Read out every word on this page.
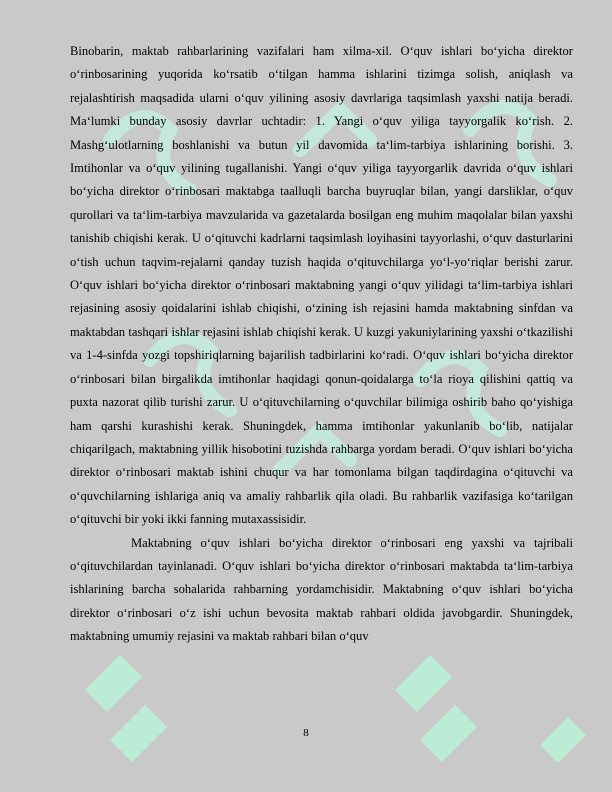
Binobarin, maktab rahbarlarining vazifalari ham xilma-xil. O‘quv ishlari bo‘yicha direktor o‘rinbosarining yuqorida ko‘rsatib o‘tilgan hamma ishlarini tizimga solish, aniqlash va rejalashtirish maqsadida ularni o‘quv yilining asosiy davrlariga taqsimlash yaxshi natija beradi. Ma‘lumki bunday asosiy davrlar uchtadir: 1. Yangi o‘quv yiliga tayyorgalik ko‘rish. 2. Mashg‘ulotlarning boshlanishi va butun yil davomida ta‘lim-tarbiya ishlarining borishi. 3. Imtihonlar va o‘quv yilining tugallanishi. Yangi o‘quv yiliga tayyorgarlik davrida o‘quv ishlari bo‘yicha direktor o‘rinbosari maktabga taalluqli barcha buyruqlar bilan, yangi darsliklar, o‘quv qurollari va ta‘lim-tarbiya mavzularida va gazetalarda bosilgan eng muhim maqolalar bilan yaxshi tanishib chiqishi kerak. U o‘qituvchi kadrlarni taqsimlash loyihasini tayyorlashi, o‘quv dasturlarini o‘tish uchun taqvim-rejalarni qanday tuzish haqida o‘qituvchilarga yo‘l-yo‘riqlar berishi zarur. O‘quv ishlari bo‘yicha direktor o‘rinbosari maktabning yangi o‘quv yilidagi ta‘lim-tarbiya ishlari rejasining asosiy qoidalarini ishlab chiqishi, o‘zining ish rejasini hamda maktabning sinfdan va maktabdan tashqari ishlar rejasini ishlab chiqishi kerak. U kuzgi yakuniylarining yaxshi o‘tkazilishi va 1-4-sinfda yozgi topshiriqlarning bajarilish tadbirlarini ko‘radi. O‘quv ishlari bo‘yicha direktor o‘rinbosari bilan birgalikda imtihonlar haqidagi qonun-qoidalarga to‘la rioya qilishini qattiq va puxta nazorat qilib turishi zarur. U o‘qituvchilarning o‘quvchilar bilimiga oshirib baho qo‘yishiga ham qarshi kurashishi kerak. Shuningdek, hamma imtihonlar yakunlanib bo‘lib, natijalar chiqarilgach, maktabning yillik hisobotini tuzishda rahbarga yordam beradi. O‘quv ishlari bo‘yicha direktor o‘rinbosari maktab ishini chuqur va har tomonlama bilgan taqdirdagina o‘qituvchi va o‘quvchilarning ishlariga aniq va amaliy rahbarlik qila oladi. Bu rahbarlik vazifasiga ko‘tarilgan o‘qituvchi bir yoki ikki fanning mutaxassisidir.

Maktabning o‘quv ishlari bo‘yicha direktor o‘rinbosari eng yaxshi va tajribali o‘qituvchilardan tayinlanadi. O‘quv ishlari bo‘yicha direktor o‘rinbosari maktabda ta‘lim-tarbiya ishlarining barcha sohalarida rahbarning yordamchisidir. Maktabning o‘quv ishlari bo‘yicha direktor o‘rinbosari o‘z ishi uchun bevosita maktab rahbari oldida javobgardir. Shuningdek, maktabning umumiy rejasini va maktab rahbari bilan o‘quv

8
